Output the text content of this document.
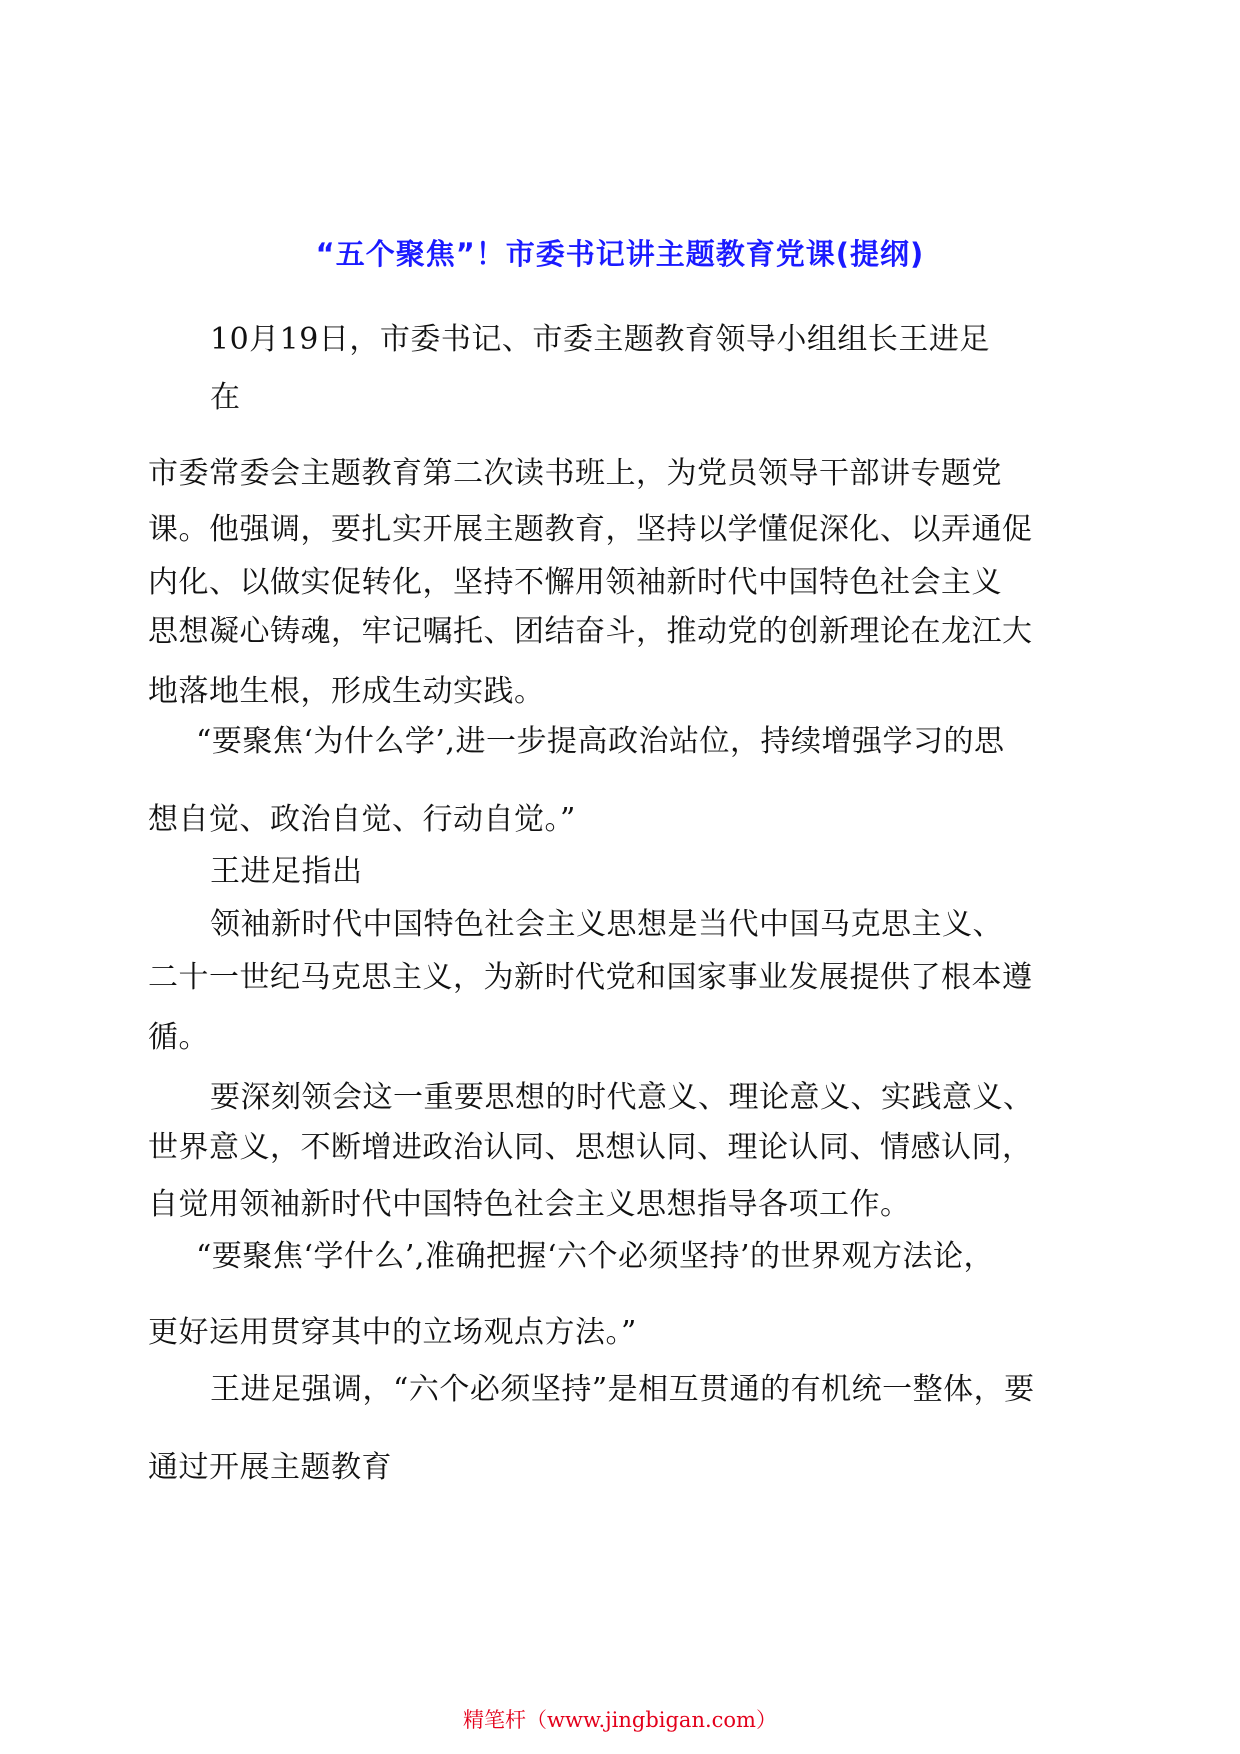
“五个聚焦”！市委书记讲主题教育党课(提纲)
10月19日，市委书记、市委主题教育领导小组组长王进足
在
市委常委会主题教育第二次读书班上，为党员领导干部讲专题党
课。他强调，要扎实开展主题教育，坚持以学懂促深化、以弄通促
内化、以做实促转化，坚持不懈用领袖新时代中国特色社会主义
思想凝心铸魂，牢记嘱托、团结奋斗，推动党的创新理论在龙江大
地落地生根，形成生动实践。
“要聚焦‘为什么学’,进一步提高政治站位，持续增强学习的思
想自觉、政治自觉、行动自觉。”
王进足指出
领袖新时代中国特色社会主义思想是当代中国马克思主义、
二十一世纪马克思主义，为新时代党和国家事业发展提供了根本遵
循。
要深刻领会这一重要思想的时代意义、理论意义、实践意义、
世界意义，不断增进政治认同、思想认同、理论认同、情感认同，
自觉用领袖新时代中国特色社会主义思想指导各项工作。
“要聚焦‘学什么’,准确把握‘六个必须坚持’的世界观方法论，
更好运用贯穿其中的立场观点方法。”
王进足强调，“六个必须坚持”是相互贯通的有机统一整体，要
通过开展主题教育
精笔杆（www.jingbigan.com）
